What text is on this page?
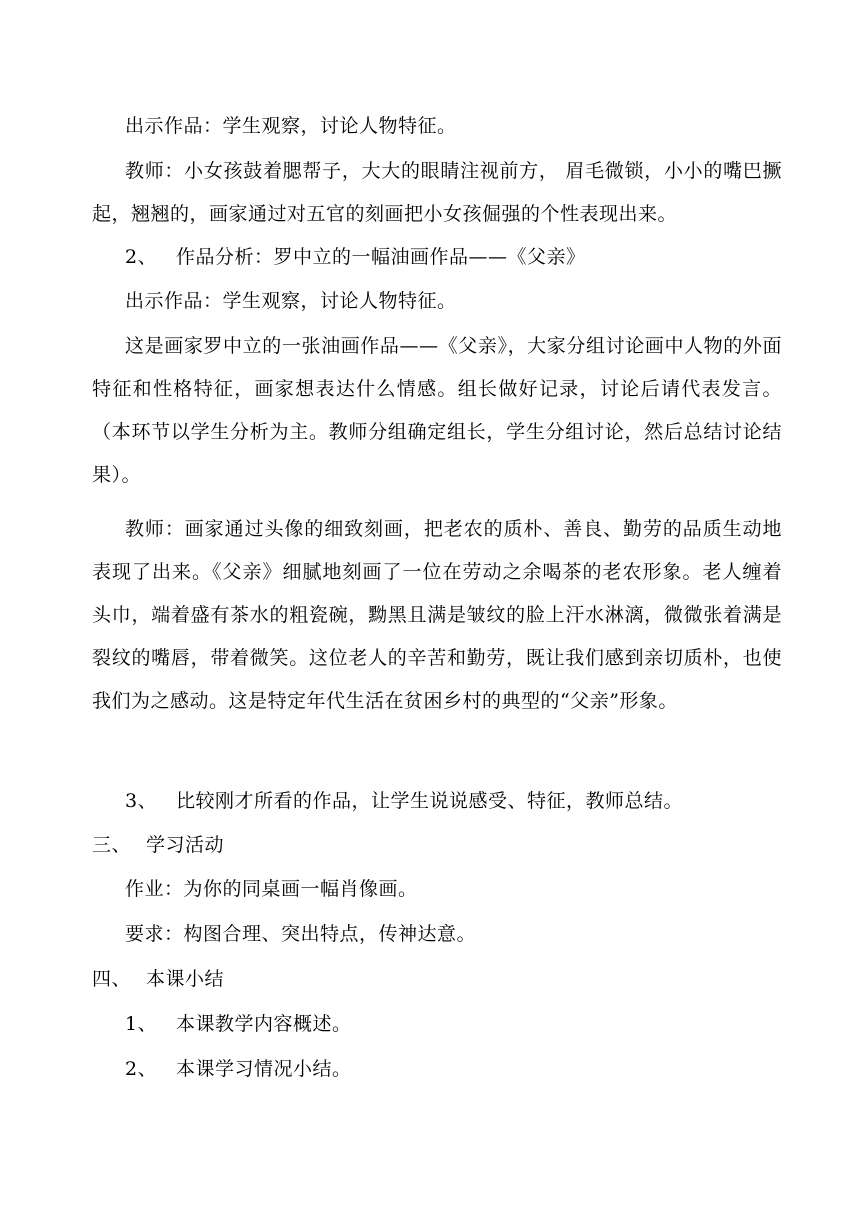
出示作品：学生观察，讨论人物特征。
教师：小女孩鼓着腮帮子，大大的眼睛注视前方， 眉毛微锁，小小的嘴巴撅起，翘翘的，画家通过对五官的刻画把小女孩倔强的个性表现出来。
2、 作品分析：罗中立的一幅油画作品——《父亲》
出示作品：学生观察，讨论人物特征。
这是画家罗中立的一张油画作品——《父亲》，大家分组讨论画中人物的外面特征和性格特征，画家想表达什么情感。组长做好记录，讨论后请代表发言。（本环节以学生分析为主。教师分组确定组长，学生分组讨论，然后总结讨论结果）。
教师：画家通过头像的细致刻画，把老农的质朴、善良、勤劳的品质生动地表现了出来。《父亲》细腻地刻画了一位在劳动之余喝茶的老农形象。老人缠着头巾，端着盛有茶水的粗瓷碗，黝黑且满是皱纹的脸上汗水淋漓，微微张着满是裂纹的嘴唇，带着微笑。这位老人的辛苦和勤劳，既让我们感到亲切质朴，也使我们为之感动。这是特定年代生活在贫困乡村的典型的“父亲”形象。
3、 比较刚才所看的作品，让学生说说感受、特征，教师总结。
三、 学习活动
作业：为你的同桌画一幅肖像画。
要求：构图合理、突出特点，传神达意。
四、 本课小结
1、 本课教学内容概述。
2、 本课学习情况小结。
